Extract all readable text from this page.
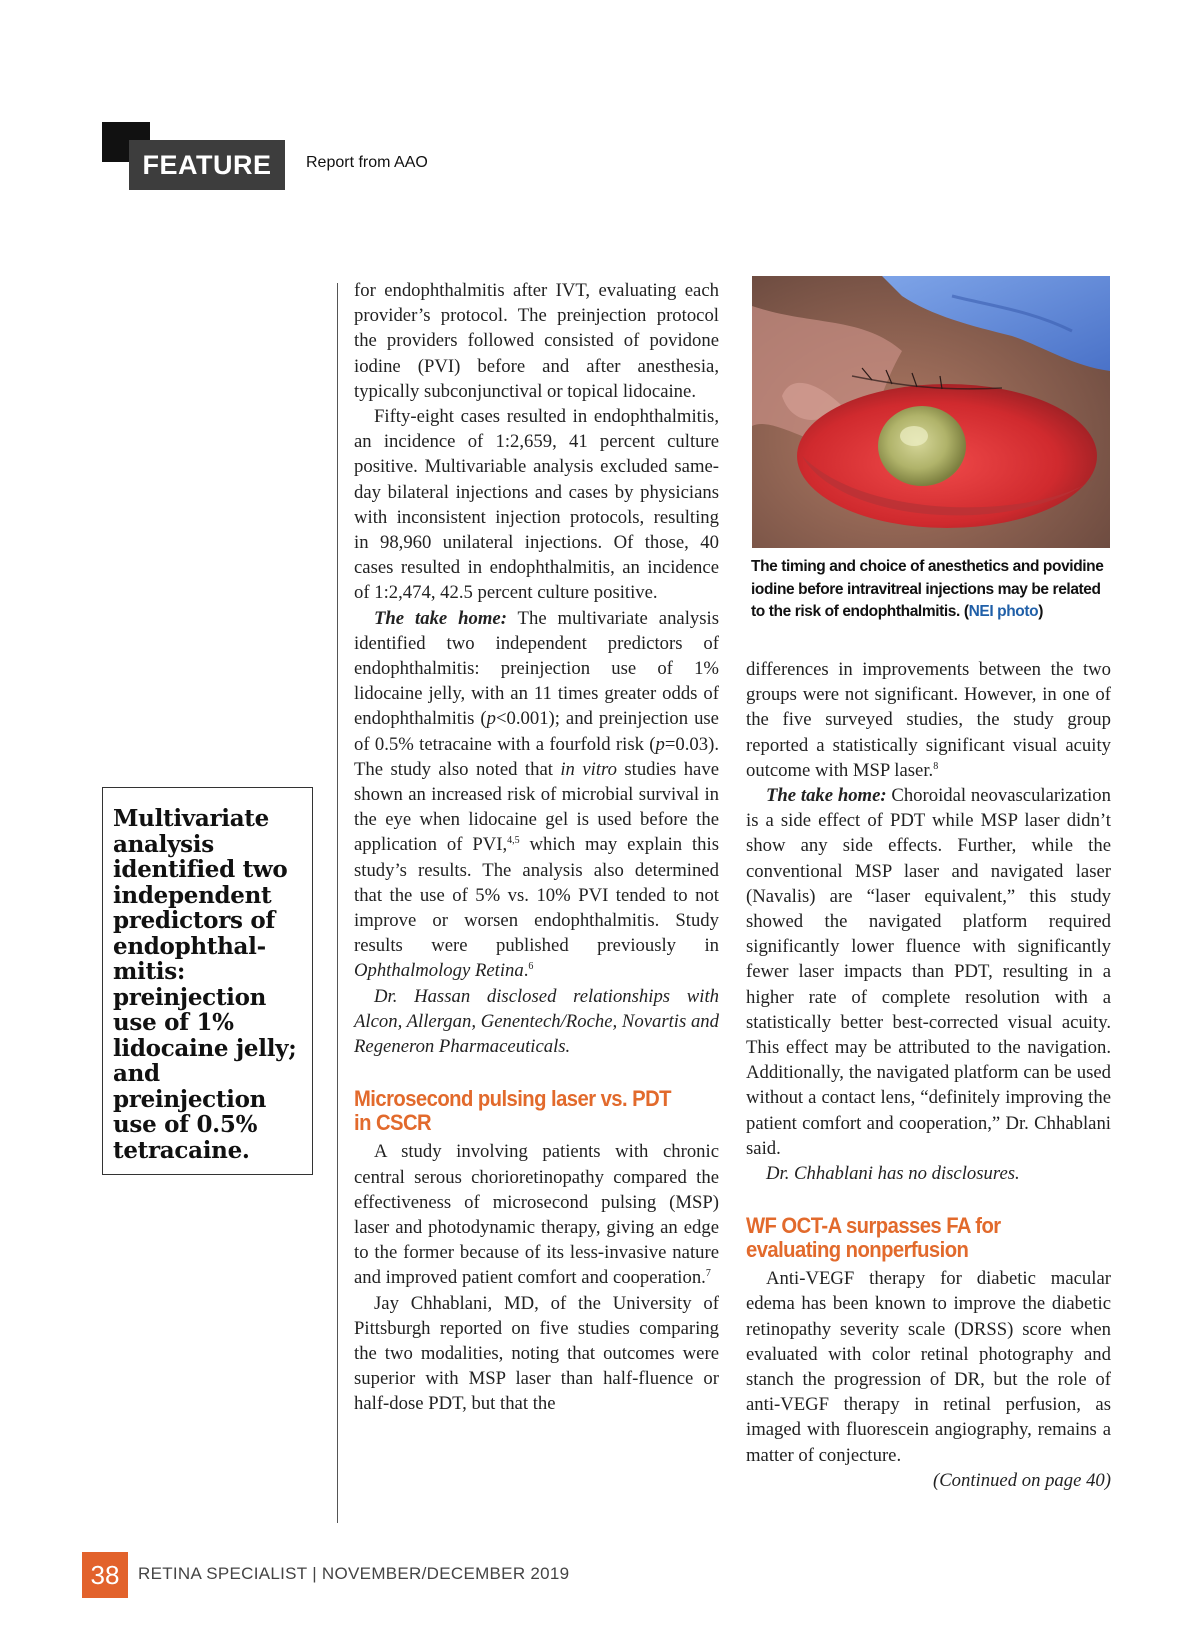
FEATURE	Report from AAO

Multivariate analysis identified two independent predictors of endophthal-mitis: preinjection use of 1% lidocaine jelly; and preinjection use of 0.5% tetracaine.

for endophthalmitis after IVT, evaluating each provider’s protocol. The preinjection protocol the providers followed consisted of povidone iodine (PVI) before and after anesthesia, typically subconjunctival or topical lidocaine.

Fifty-eight cases resulted in endophthalmitis, an incidence of 1:2,659, 41 percent culture positive. Multivariable analysis excluded same-day bilateral injections and cases by physicians with inconsistent injection protocols, resulting in 98,960 unilateral injections. Of those, 40 cases resulted in endophthalmitis, an incidence of 1:2,474, 42.5 percent culture positive.

The take home: The multivariate analysis identified two independent predictors of endophthalmitis: preinjection use of 1% lidocaine jelly, with an 11 times greater odds of endophthalmitis (p<0.001); and preinjection use of 0.5% tetracaine with a fourfold risk (p=0.03). The study also noted that in vitro studies have shown an increased risk of microbial survival in the eye when lidocaine gel is used before the application of PVI,$^{4,5}$ which may explain this study’s results. The analysis also determined that the use of 5% vs. 10% PVI tended to not improve or worsen endophthalmitis. Study results were published previously in Ophthalmology Retina.$^6$

Dr. Hassan disclosed relationships with Alcon, Allergan, Genentech/Roche, Novartis and Regeneron Pharmaceuticals.

Microsecond pulsing laser vs. PDT in CSCR

A study involving patients with chronic central serous chorioretinopathy compared the effectiveness of microsecond pulsing (MSP) laser and photodynamic therapy, giving an edge to the former because of its less-invasive nature and improved patient comfort and cooperation.$^7$

Jay Chhablani, MD, of the University of Pittsburgh reported on five studies comparing the two modalities, noting that outcomes were superior with MSP laser than half-fluence or half-dose PDT, but that the

The timing and choice of anesthetics and povidine iodine before intravitreal injections may be related to the risk of endophthalmitis. (NEI photo)

differences in improvements between the two groups were not significant. However, in one of the five surveyed studies, the study group reported a statistically significant visual acuity outcome with MSP laser.$^8$

The take home: Choroidal neovascularization is a side effect of PDT while MSP laser didn’t show any side effects. Further, while the conventional MSP laser and navigated laser (Navalis) are “laser equivalent,” this study showed the navigated platform required significantly lower fluence with significantly fewer laser impacts than PDT, resulting in a higher rate of complete resolution with a statistically better best-corrected visual acuity. This effect may be attributed to the navigation. Additionally, the navigated platform can be used without a contact lens, “definitely improving the patient comfort and cooperation,” Dr. Chhablani said.

Dr. Chhablani has no disclosures.

WF OCT-A surpasses FA for evaluating nonperfusion

Anti-VEGF therapy for diabetic macular edema has been known to improve the diabetic retinopathy severity scale (DRSS) score when evaluated with color retinal photography and stanch the progression of DR, but the role of anti-VEGF therapy in retinal perfusion, as imaged with fluorescein angiography, remains a matter of conjecture.

(Continued on page 40)

38	RETINA SPECIALIST | NOVEMBER/DECEMBER 2019
